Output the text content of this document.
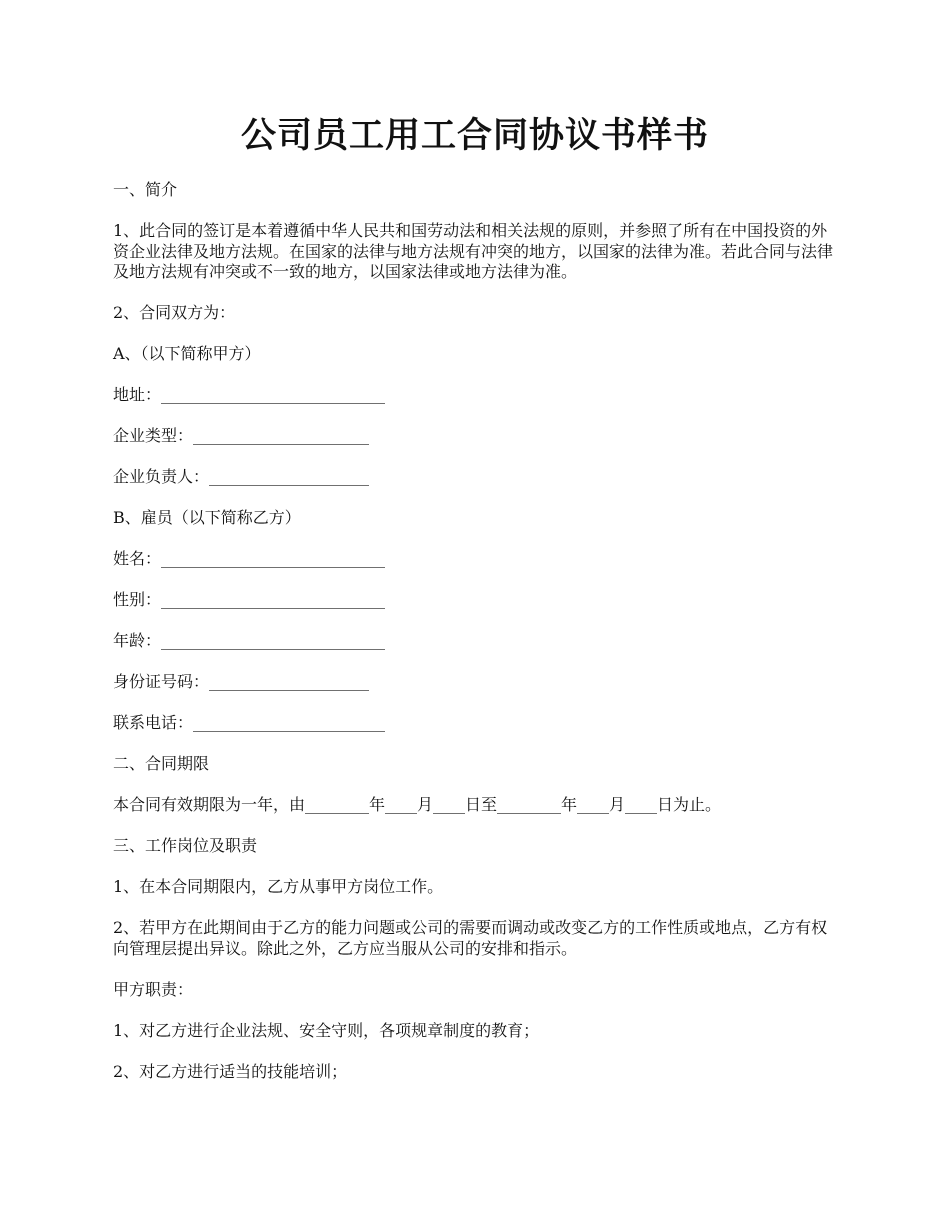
公司员工用工合同协议书样书

一、简介

1、此合同的签订是本着遵循中华人民共和国劳动法和相关法规的原则，并参照了所有在中国投资的外资企业法律及地方法规。在国家的法律与地方法规有冲突的地方，以国家的法律为准。若此合同与法律及地方法规有冲突或不一致的地方，以国家法律或地方法律为准。

2、合同双方为：

A、（以下简称甲方）

地址：____________________________

企业类型：______________________

企业负责人：____________________

B、雇员（以下简称乙方）

姓名：____________________________

性别：____________________________

年龄：____________________________

身份证号码：____________________

联系电话：________________________

二、合同期限

本合同有效期限为一年，由________年____月____日至________年____月____日为止。

三、工作岗位及职责

1、在本合同期限内，乙方从事甲方岗位工作。

2、若甲方在此期间由于乙方的能力问题或公司的需要而调动或改变乙方的工作性质或地点，乙方有权向管理层提出异议。除此之外，乙方应当服从公司的安排和指示。

甲方职责：

1、对乙方进行企业法规、安全守则，各项规章制度的教育；

2、对乙方进行适当的技能培训；
